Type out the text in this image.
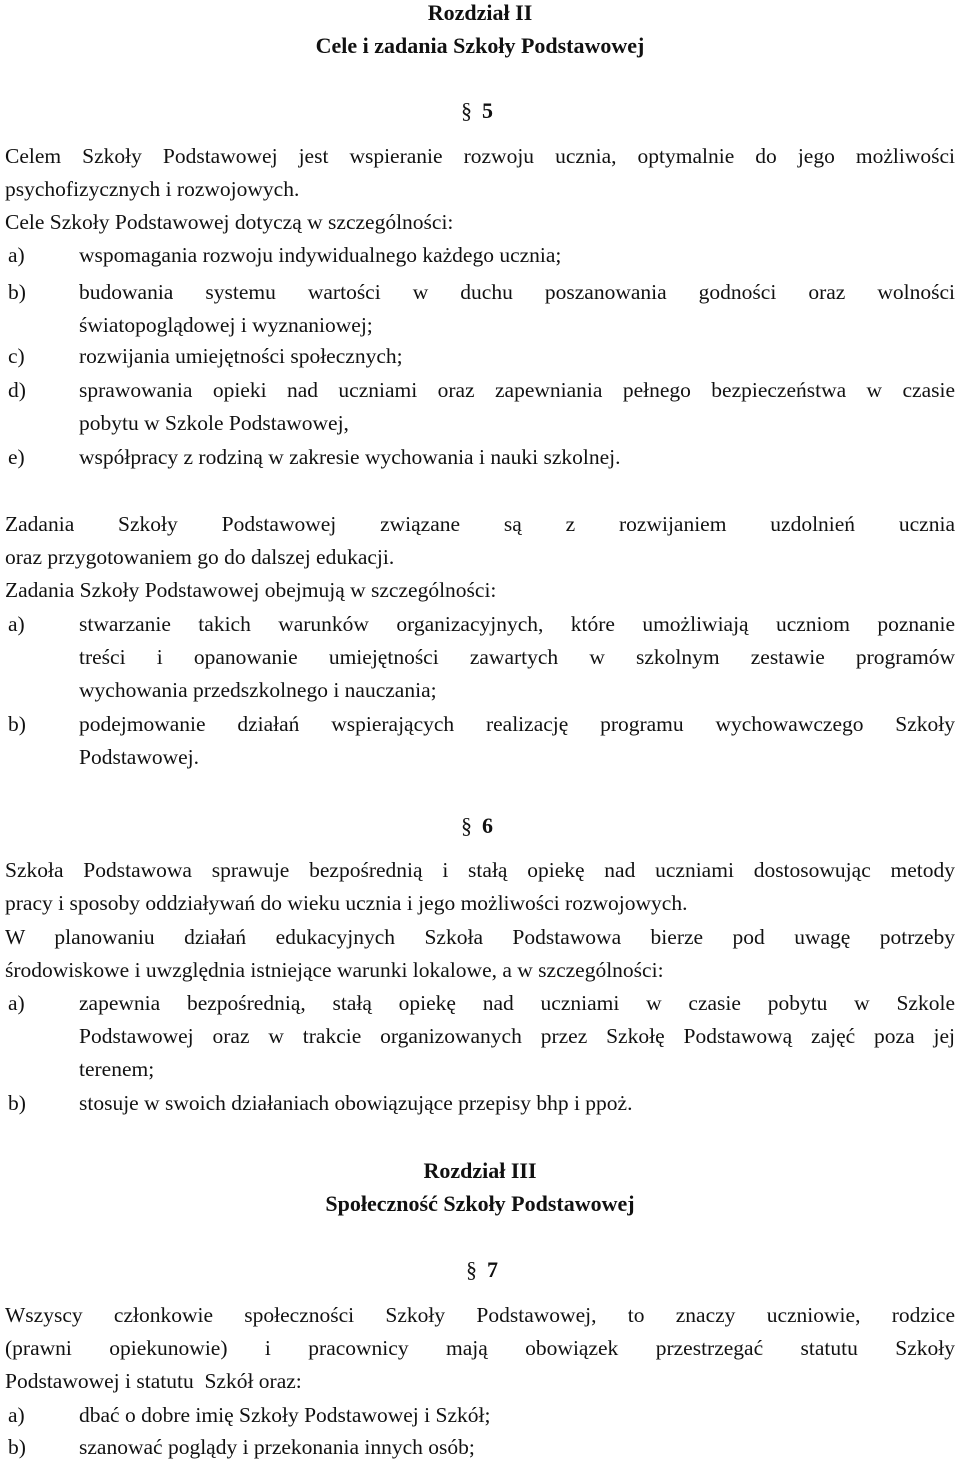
Rozdział II
Cele i zadania Szkoły Podstawowej
§ 5
Celem Szkoły Podstawowej jest wspieranie rozwoju ucznia, optymalnie do jego możliwości
psychofizycznych i rozwojowych.
Cele Szkoły Podstawowej dotyczą w szczególności:
a)	wspomagania rozwoju indywidualnego każdego ucznia;
b) budowania systemu wartości w duchu poszanowania godności oraz wolności
światopoglądowej i wyznaniowej;
c)	rozwijania umiejętności społecznych;
d) sprawowania opieki nad uczniami oraz zapewniania pełnego bezpieczeństwa w czasie
pobytu w Szkole Podstawowej,
e)	współpracy z rodziną w zakresie wychowania i nauki szkolnej.
Zadania Szkoły Podstawowej związane są z rozwijaniem uzdolnień ucznia
oraz przygotowaniem go do dalszej edukacji.
Zadania Szkoły Podstawowej obejmują w szczególności:
a)	stwarzanie takich warunków organizacyjnych, które umożliwiają uczniom poznanie
treści i opanowanie umiejętności zawartych w szkolnym zestawie programów
wychowania przedszkolnego i nauczania;
b) podejmowanie działań wspierających realizację programu wychowawczego Szkoły
Podstawowej.
§ 6
Szkoła Podstawowa sprawuje bezpośrednią i stałą opiekę nad uczniami dostosowując metody
pracy i sposoby oddziaływań do wieku ucznia i jego możliwości rozwojowych.
W planowaniu działań edukacyjnych Szkoła Podstawowa bierze pod uwagę potrzeby
środowiskowe i uwzględnia istniejące warunki lokalowe, a w szczególności:
a)	zapewnia bezpośrednią, stałą opiekę nad uczniami w czasie pobytu w Szkole
Podstawowej oraz w trakcie organizowanych przez Szkołę Podstawową zajęć poza jej
terenem;
b) stosuje w swoich działaniach obowiązujące przepisy bhp i ppoż.
Rozdział III
Społeczność Szkoły Podstawowej
§ 7
Wszyscy członkowie społeczności Szkoły Podstawowej, to znaczy uczniowie, rodzice
(prawni opiekunowie) i pracownicy mają obowiązek przestrzegać statutu Szkoły
Podstawowej i statutu  Szkół oraz:
a)	dbać o dobre imię Szkoły Podstawowej i Szkół;
b) szanować poglądy i przekonania innych osób;
